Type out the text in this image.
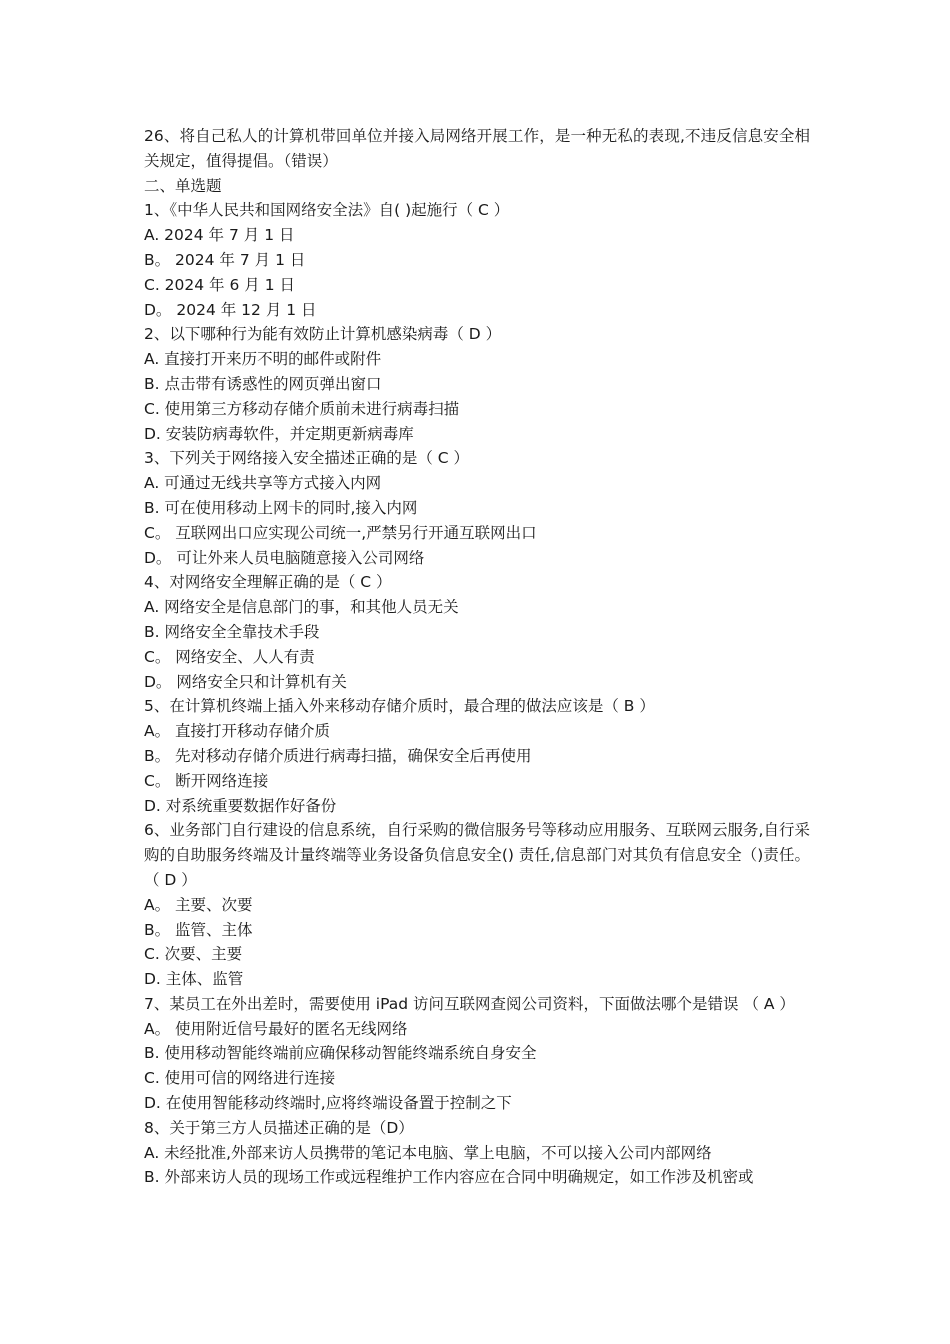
26、将自己私人的计算机带回单位并接入局网络开展工作，是一种无私的表现,不违反信息安全相关规定，值得提倡。（错误）
二、单选题
1、《中华人民共和国网络安全法》自( )起施行（ C ）
A. 2024 年 7 月 1 日
B。 2024 年 7 月 1 日
C. 2024 年 6 月 1 日
D。 2024 年 12 月 1 日
2、以下哪种行为能有效防止计算机感染病毒（ D ）
A. 直接打开来历不明的邮件或附件
B. 点击带有诱惑性的网页弹出窗口
C. 使用第三方移动存储介质前未进行病毒扫描
D. 安装防病毒软件，并定期更新病毒库
3、下列关于网络接入安全描述正确的是（ C ）
A. 可通过无线共享等方式接入内网
B. 可在使用移动上网卡的同时,接入内网
C。 互联网出口应实现公司统一,严禁另行开通互联网出口
D。 可让外来人员电脑随意接入公司网络
4、对网络安全理解正确的是（ C ）
A. 网络安全是信息部门的事，和其他人员无关
B. 网络安全全靠技术手段
C。 网络安全、人人有责
D。 网络安全只和计算机有关
5、在计算机终端上插入外来移动存储介质时，最合理的做法应该是（ B ）
A。 直接打开移动存储介质
B。 先对移动存储介质进行病毒扫描，确保安全后再使用
C。 断开网络连接
D. 对系统重要数据作好备份
6、业务部门自行建设的信息系统，自行采购的微信服务号等移动应用服务、互联网云服务,自行采购的自助服务终端及计量终端等业务设备负信息安全() 责任,信息部门对其负有信息安全（)责任。（ D ）
A。 主要、次要
B。 监管、主体
C. 次要、主要
D. 主体、监管
7、某员工在外出差时，需要使用 iPad 访问互联网查阅公司资料，下面做法哪个是错误 （ A ）
A。 使用附近信号最好的匿名无线网络
B. 使用移动智能终端前应确保移动智能终端系统自身安全
C. 使用可信的网络进行连接
D. 在使用智能移动终端时,应将终端设备置于控制之下
8、关于第三方人员描述正确的是（D）
A. 未经批准,外部来访人员携带的笔记本电脑、掌上电脑，不可以接入公司内部网络
B. 外部来访人员的现场工作或远程维护工作内容应在合同中明确规定，如工作涉及机密或
